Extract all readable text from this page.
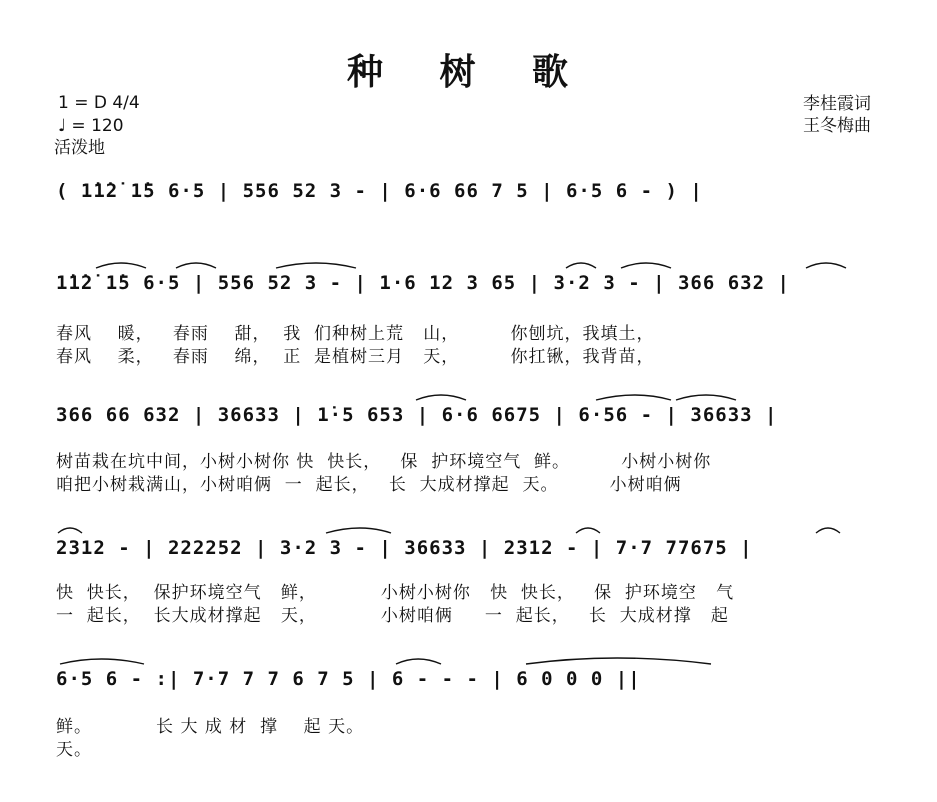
种 树 歌
1 = D 4/4
♩ = 120
活泼地
李桂霞词
王冬梅曲
( 1̇1̇2̇ 1̇5 6·5 | 556 52 3 - | 6·6 66 7 5 | 6·5 6 - ) |
1̇1̇2̇ 1̇5 6·5 | 556 52 3 - | 1·6 12 3 65 | 3·2 3 - | 366 632 |
春风    暖，   春雨    甜，  我  们种树上荒   山，        你刨坑，我填土，
春风    柔，   春雨    绵，  正  是植树三月   天，        你扛锹，我背苗，
366 66 632 | 36633 | 1̇·5 653 | 6·6 6675 | 6·56 - | 36633 |
树苗栽在坑中间，小树小树你 快  快长，   保  护环境空气  鲜。        小树小树你
咱把小树栽满山，小树咱俩  一  起长，   长  大成材撑起  天。        小树咱俩
2312 - | 222252 | 3·2 3 - | 36633 | 2312 - | 7·7 77675 |
快  快长，  保护环境空气   鲜，          小树小树你   快  快长，   保  护环境空   气
一  起长，  长大成材撑起   天，          小树咱俩     一  起长，   长  大成材撑   起
6·5 6 - :| 7·7 7 7 6 7 5 | 6 - - - | 6 0 0 0 ||
鲜。          长 大 成 材  撑    起 天。
天。
